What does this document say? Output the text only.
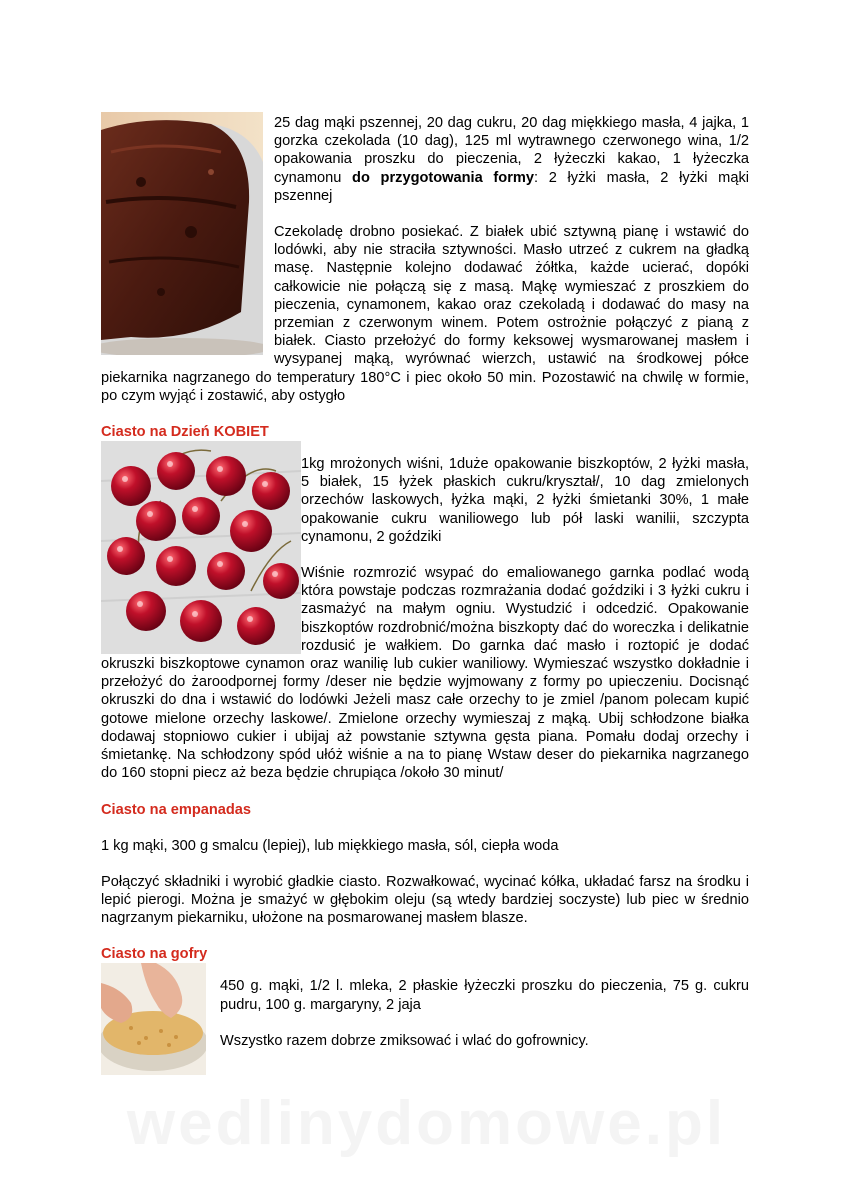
25 dag mąki pszennej, 20 dag cukru, 20 dag miękkiego masła, 4 jajka, 1 gorzka czekolada (10 dag), 125 ml wytrawnego czerwonego wina, 1/2 opakowania proszku do pieczenia, 2 łyżeczki kakao, 1 łyżeczka cynamonu do przygotowania formy: 2 łyżki masła, 2 łyżki mąki pszennej

Czekoladę drobno posiekać. Z białek ubić sztywną pianę i wstawić do lodówki, aby nie straciła sztywności. Masło utrzeć z cukrem na gładką masę. Następnie kolejno dodawać żółtka, każde ucierać, dopóki całkowicie nie połączą się z masą. Mąkę wymieszać z proszkiem do pieczenia, cynamonem, kakao oraz czekoladą i dodawać do masy na przemian z czerwonym winem. Potem ostrożnie połączyć z pianą z białek. Ciasto przełożyć do formy keksowej wysmarowanej masłem i wysypanej mąką, wyrównać wierzch, ustawić na środkowej półce piekarnika nagrzanego do temperatury 180°C i piec około 50 min. Pozostawić na chwilę w formie, po czym wyjąć i zostawić, aby ostygło

Ciasto na Dzień KOBIET

1kg mrożonych wiśni, 1duże opakowanie biszkoptów, 2 łyżki masła, 5 białek, 15 łyżek płaskich cukru/kryształ/, 10 dag zmielonych orzechów laskowych, łyżka mąki, 2 łyżki śmietanki 30%, 1 małe opakowanie cukru waniliowego lub pół laski wanilii, szczypta cynamonu, 2 goździki

Wiśnie rozmrozić wsypać do emaliowanego garnka podlać wodą która powstaje podczas rozmrażania dodać goździki i 3 łyżki cukru i zasmażyć na małym ogniu. Wystudzić i odcedzić. Opakowanie biszkoptów rozdrobnić/można biszkopty dać do woreczka i delikatnie rozdusić je wałkiem. Do garnka dać masło i roztopić je dodać okruszki biszkoptowe cynamon oraz wanilię lub cukier waniliowy. Wymieszać wszystko dokładnie i przełożyć do żaroodpornej formy /deser nie będzie wyjmowany z formy po upieczeniu. Docisnąć okruszki do dna i wstawić do lodówki Jeżeli masz całe orzechy to je zmiel /panom polecam kupić gotowe mielone orzechy laskowe/. Zmielone orzechy wymieszaj z mąką. Ubij schłodzone białka dodawaj stopniowo cukier i ubijaj aż powstanie sztywna gęsta piana. Pomału dodaj orzechy i śmietankę. Na schłodzony spód ułóż wiśnie a na to pianę Wstaw deser do piekarnika nagrzanego do 160 stopni piecz aż beza będzie chrupiąca /około 30 minut/

Ciasto na empanadas

1 kg mąki, 300 g smalcu (lepiej), lub miękkiego masła, sól, ciepła woda

Połączyć składniki i wyrobić gładkie ciasto. Rozwałkować, wycinać kółka, układać farsz na środku i lepić pierogi. Można je smażyć w głębokim oleju (są wtedy bardziej soczyste) lub piec w średnio nagrzanym piekarniku, ułożone na posmarowanej masłem blasze.

Ciasto na gofry

450 g. mąki, 1/2 l. mleka, 2 płaskie łyżeczki proszku do pieczenia, 75 g. cukru pudru, 100 g. margaryny, 2 jaja

Wszystko razem dobrze zmiksować i wlać do gofrownicy.

wedlinydomowe.pl
